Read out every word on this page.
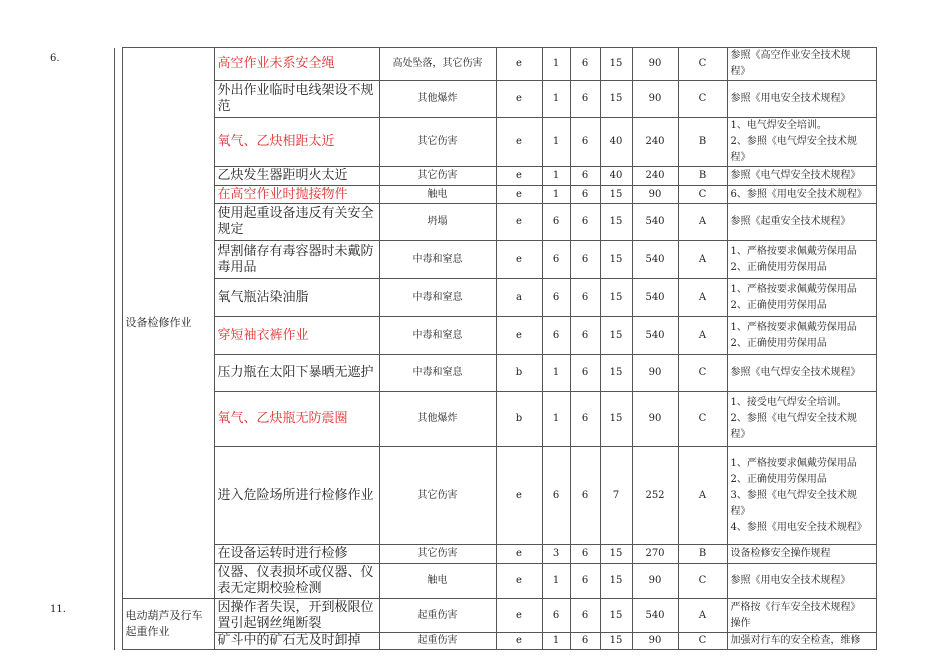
6.		设备检修作业	高空作业未系安全绳	高处坠落，其它伤害	e	1	6	15	90	C	参照《高空作业安全技术规
程》

			外出作业临时电线架设不规范	其他爆炸	e	1	6	15	90	C	参照《用电安全技术规程》

			氧气、乙炔相距太近	其它伤害	e	1	6	40	240	B	1、电气焊安全培训。
2、参照《电气焊安全技术规
程》

			乙炔发生器距明火太近	其它伤害	e	1	6	40	240	B	参照《电气焊安全技术规程》

			在高空作业时抛接物件	触电	e	1	6	15	90	C	6、参照《用电安全技术规程》

			使用起重设备违反有关安全规定	坍塌	e	6	6	15	540	A	参照《起重安全技术规程》

			焊割储存有毒容器时未戴防毒用品	中毒和窒息	e	6	6	15	540	A	1、严格按要求佩戴劳保用品
2、正确使用劳保用品

			氧气瓶沾染油脂	中毒和窒息	a	6	6	15	540	A	1、严格按要求佩戴劳保用品
2、正确使用劳保用品

			穿短袖衣裤作业	中毒和窒息	e	6	6	15	540	A	1、严格按要求佩戴劳保用品
2、正确使用劳保用品

			压力瓶在太阳下暴晒无遮护	中毒和窒息	b	1	6	15	90	C	参照《电气焊安全技术规程》

			氧气、乙炔瓶无防震圈	其他爆炸	b	1	6	15	90	C	1、接受电气焊安全培训。
2、参照《电气焊安全技术规
程》

			进入危险场所进行检修作业	其它伤害	e	6	6	7	252	A	1、严格按要求佩戴劳保用品
2、正确使用劳保用品
3、参照《电气焊安全技术规
程》
4、参照《用电安全技术规程》

			在设备运转时进行检修	其它伤害	e	3	6	15	270	B	设备检修安全操作规程

			仪器、仪表损坏或仪器、仪表无定期校验检测	触电	e	1	6	15	90	C	参照《用电安全技术规程》

11.		电动葫芦及行车起重作业	因操作者失误，开到极限位置引起钢丝绳断裂	起重伤害	e	6	6	15	540	A	严格按《行车安全技术规程》
操作

			矿斗中的矿石无及时卸掉	起重伤害	e	1	6	15	90	C	加强对行车的安全检查，维修
